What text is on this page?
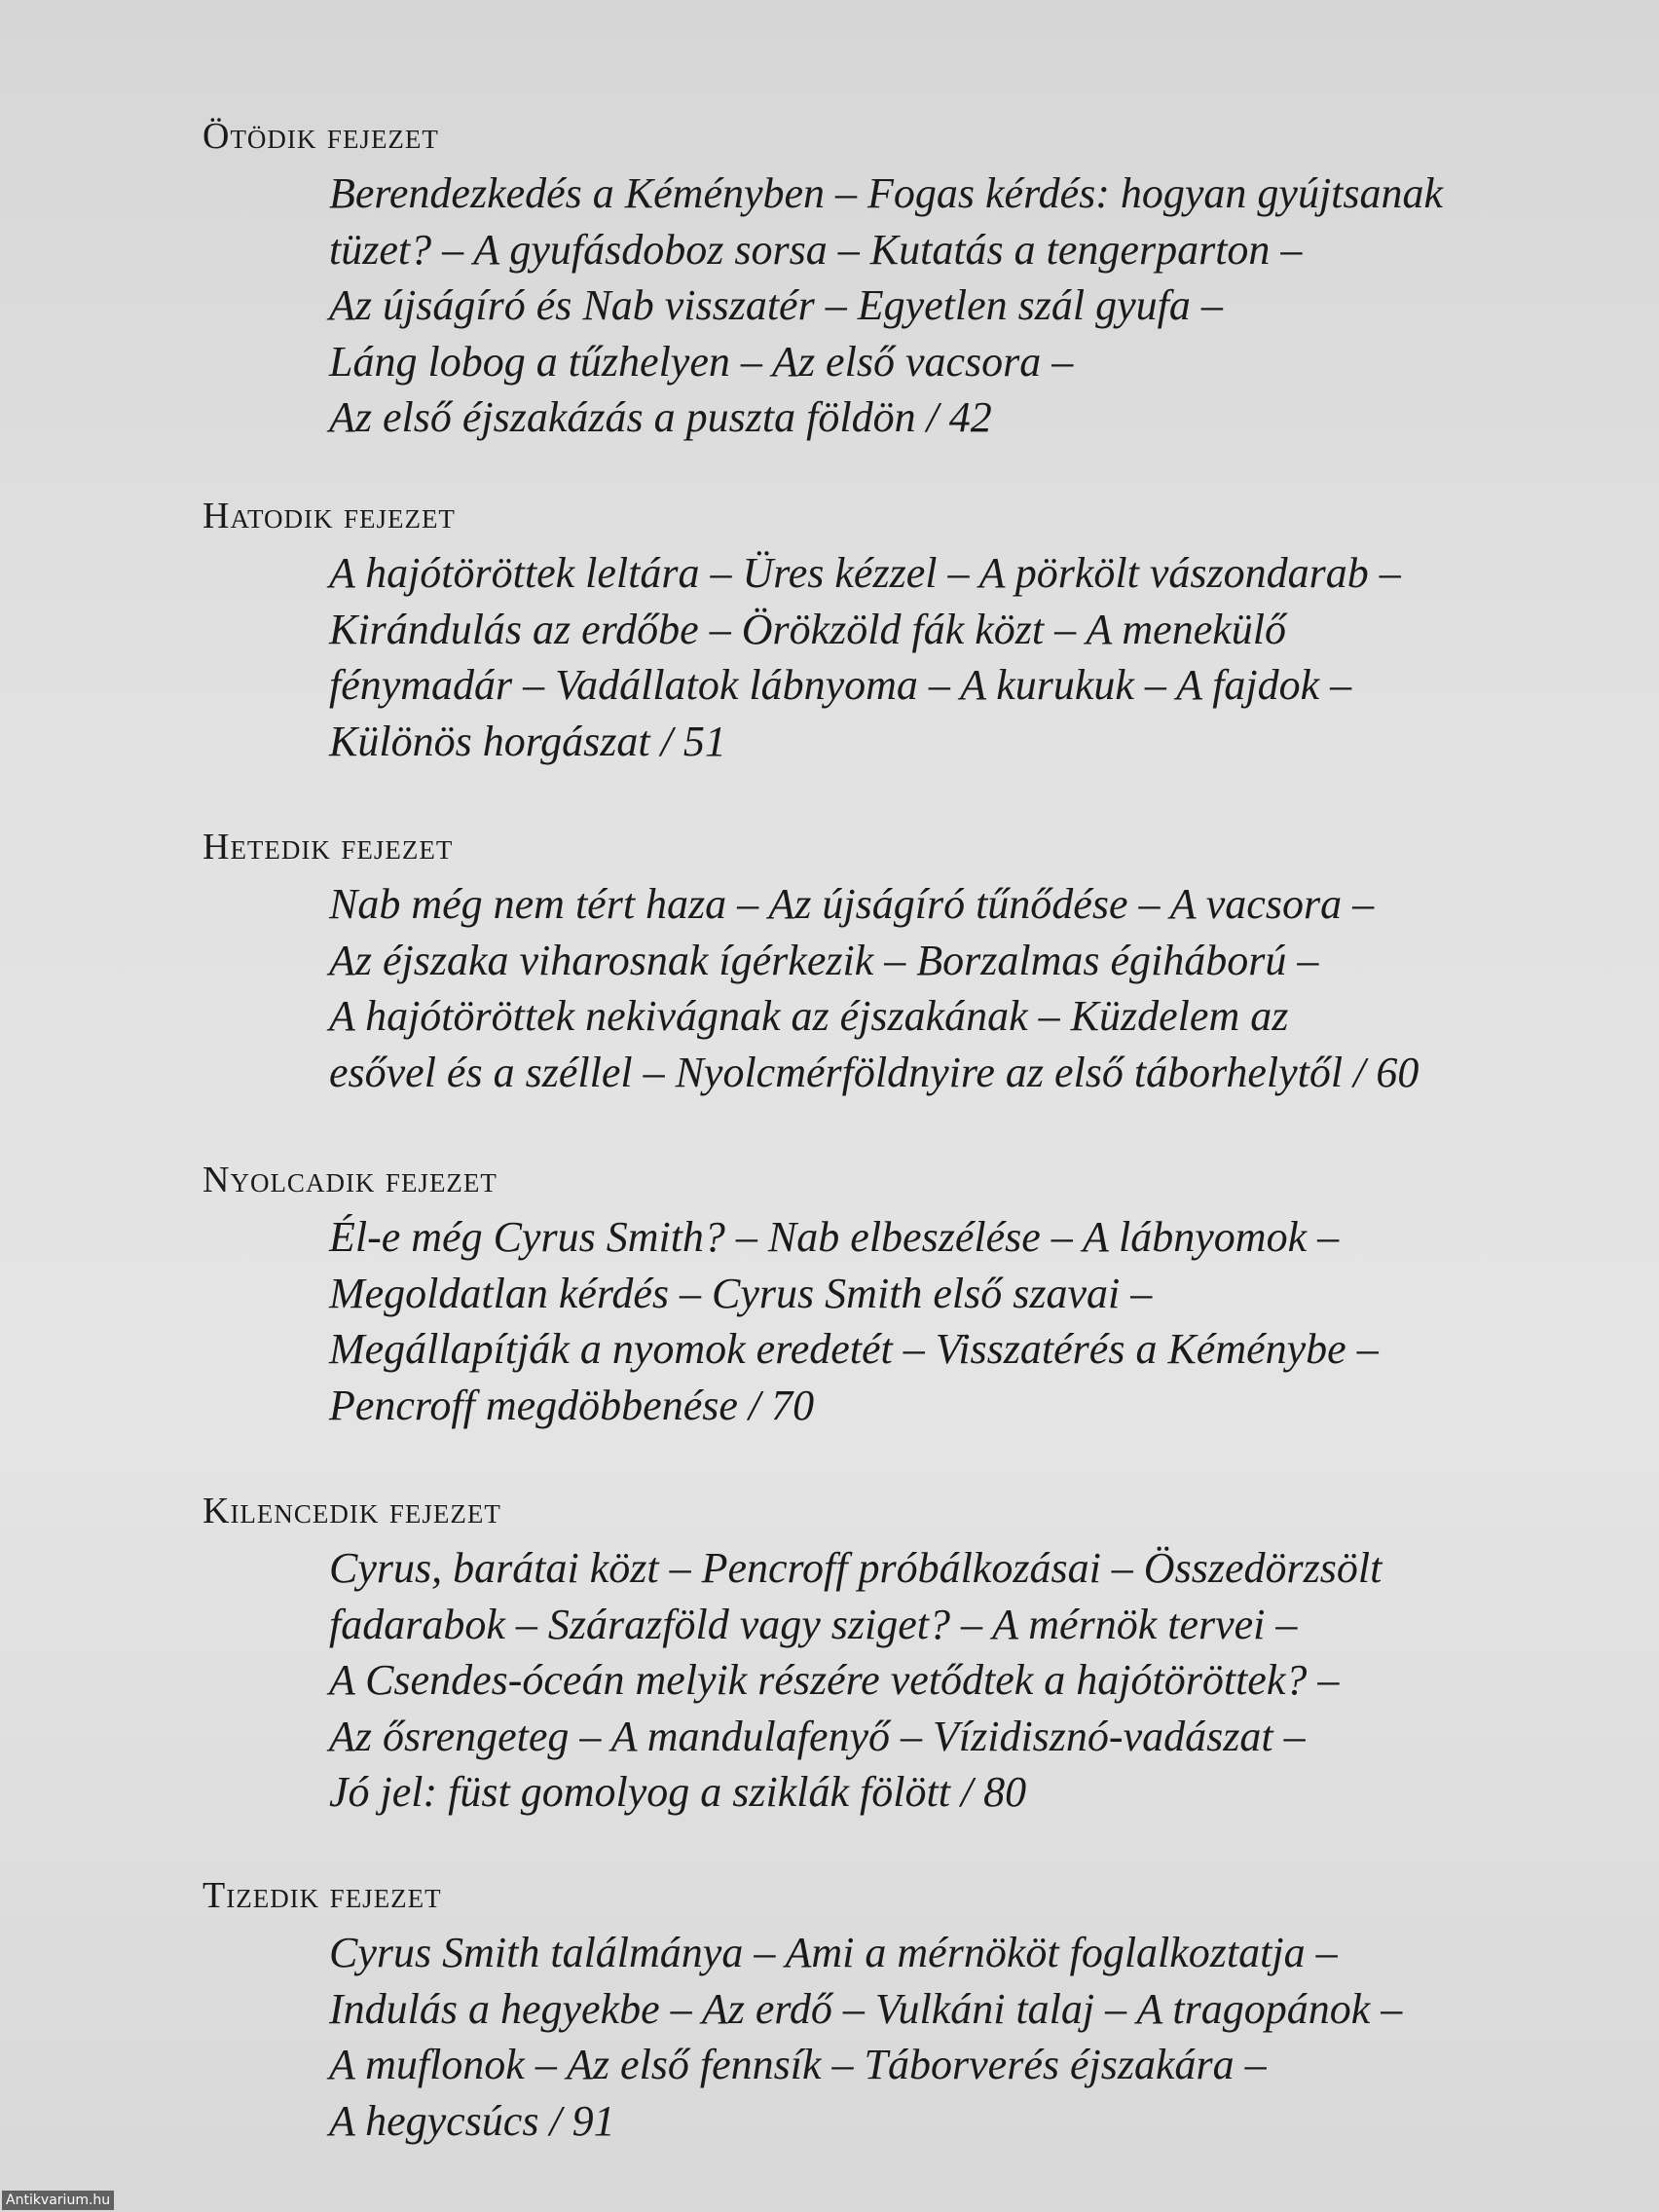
Ötödik fejezet
Berendezkedés a Kéményben – Fogas kérdés: hogyan gyújtsanak
tüzet? – A gyufásdoboz sorsa – Kutatás a tengerparton –
Az újságíró és Nab visszatér – Egyetlen szál gyufa –
Láng lobog a tűzhelyen – Az első vacsora –
Az első éjszakázás a puszta földön / 42
Hatodik fejezet
A hajótöröttek leltára – Üres kézzel – A pörkölt vászondarab –
Kirándulás az erdőbe – Örökzöld fák közt – A menekülő
fénymadár – Vadállatok lábnyoma – A kurukuk – A fajdok –
Különös horgászat / 51
Hetedik fejezet
Nab még nem tért haza – Az újságíró tűnődése – A vacsora –
Az éjszaka viharosnak ígérkezik – Borzalmas égiháború –
A hajótöröttek nekivágnak az éjszakának – Küzdelem az
esővel és a széllel – Nyolcmérföldnyire az első táborhelytől / 60
Nyolcadik fejezet
Él-e még Cyrus Smith? – Nab elbeszélése – A lábnyomok –
Megoldatlan kérdés – Cyrus Smith első szavai –
Megállapítják a nyomok eredetét – Visszatérés a Kéménybe –
Pencroff megdöbbenése / 70
Kilencedik fejezet
Cyrus, barátai közt – Pencroff próbálkozásai – Összedörzsölt
fadarabok – Szárazföld vagy sziget? – A mérnök tervei –
A Csendes-óceán melyik részére vetődtek a hajótöröttek? –
Az ősrengeteg – A mandulafenyő – Vízidisznó-vadászat –
Jó jel: füst gomolyog a sziklák fölött / 80
Tizedik fejezet
Cyrus Smith találmánya – Ami a mérnököt foglalkoztatja –
Indulás a hegyekbe – Az erdő – Vulkáni talaj – A tragopánok –
A muflonok – Az első fennsík – Táborverés éjszakára –
A hegycsúcs / 91
Antikvarium.hu
